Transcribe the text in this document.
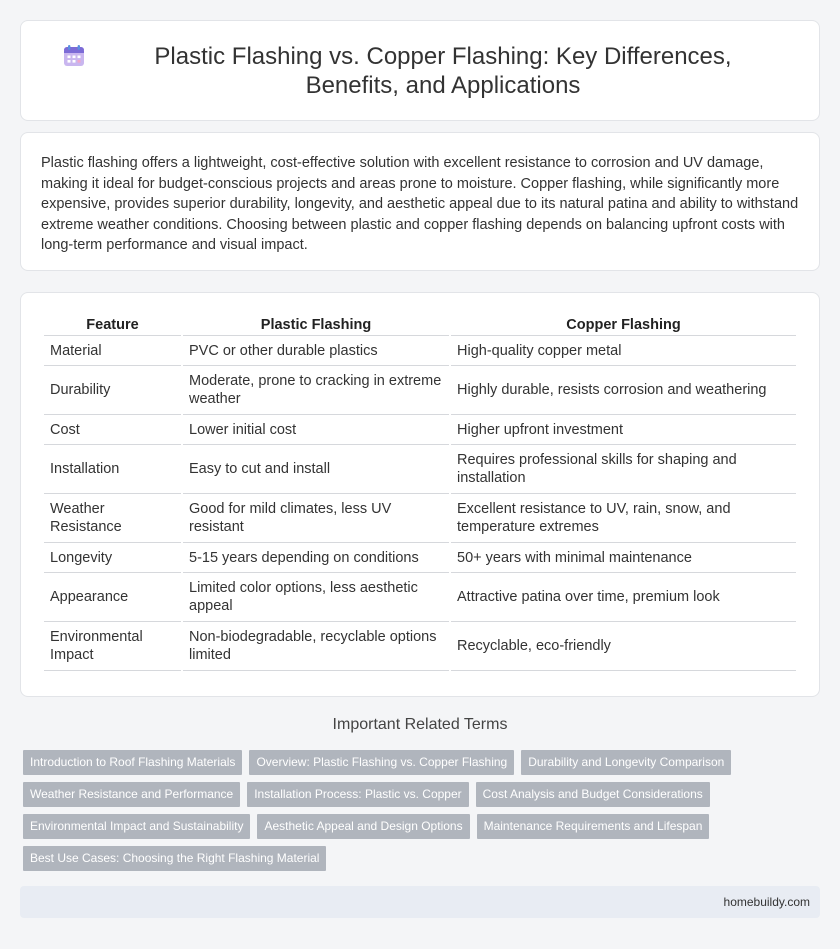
Plastic Flashing vs. Copper Flashing: Key Differences, Benefits, and Applications

Plastic flashing offers a lightweight, cost-effective solution with excellent resistance to corrosion and UV damage, making it ideal for budget-conscious projects and areas prone to moisture. Copper flashing, while significantly more expensive, provides superior durability, longevity, and aesthetic appeal due to its natural patina and ability to withstand extreme weather conditions. Choosing between plastic and copper flashing depends on balancing upfront costs with long-term performance and visual impact.

Feature	Plastic Flashing	Copper Flashing
Material	PVC or other durable plastics	High-quality copper metal
Durability	Moderate, prone to cracking in extreme weather	Highly durable, resists corrosion and weathering
Cost	Lower initial cost	Higher upfront investment
Installation	Easy to cut and install	Requires professional skills for shaping and installation
Weather Resistance	Good for mild climates, less UV resistant	Excellent resistance to UV, rain, snow, and temperature extremes
Longevity	5-15 years depending on conditions	50+ years with minimal maintenance
Appearance	Limited color options, less aesthetic appeal	Attractive patina over time, premium look
Environmental Impact	Non-biodegradable, recyclable options limited	Recyclable, eco-friendly
Important Related Terms
Introduction to Roof Flashing Materials	Overview: Plastic Flashing vs. Copper Flashing	Durability and Longevity Comparison
Weather Resistance and Performance	Installation Process: Plastic vs. Copper	Cost Analysis and Budget Considerations
Environmental Impact and Sustainability	Aesthetic Appeal and Design Options	Maintenance Requirements and Lifespan
Best Use Cases: Choosing the Right Flashing Material
homebuildy.com
